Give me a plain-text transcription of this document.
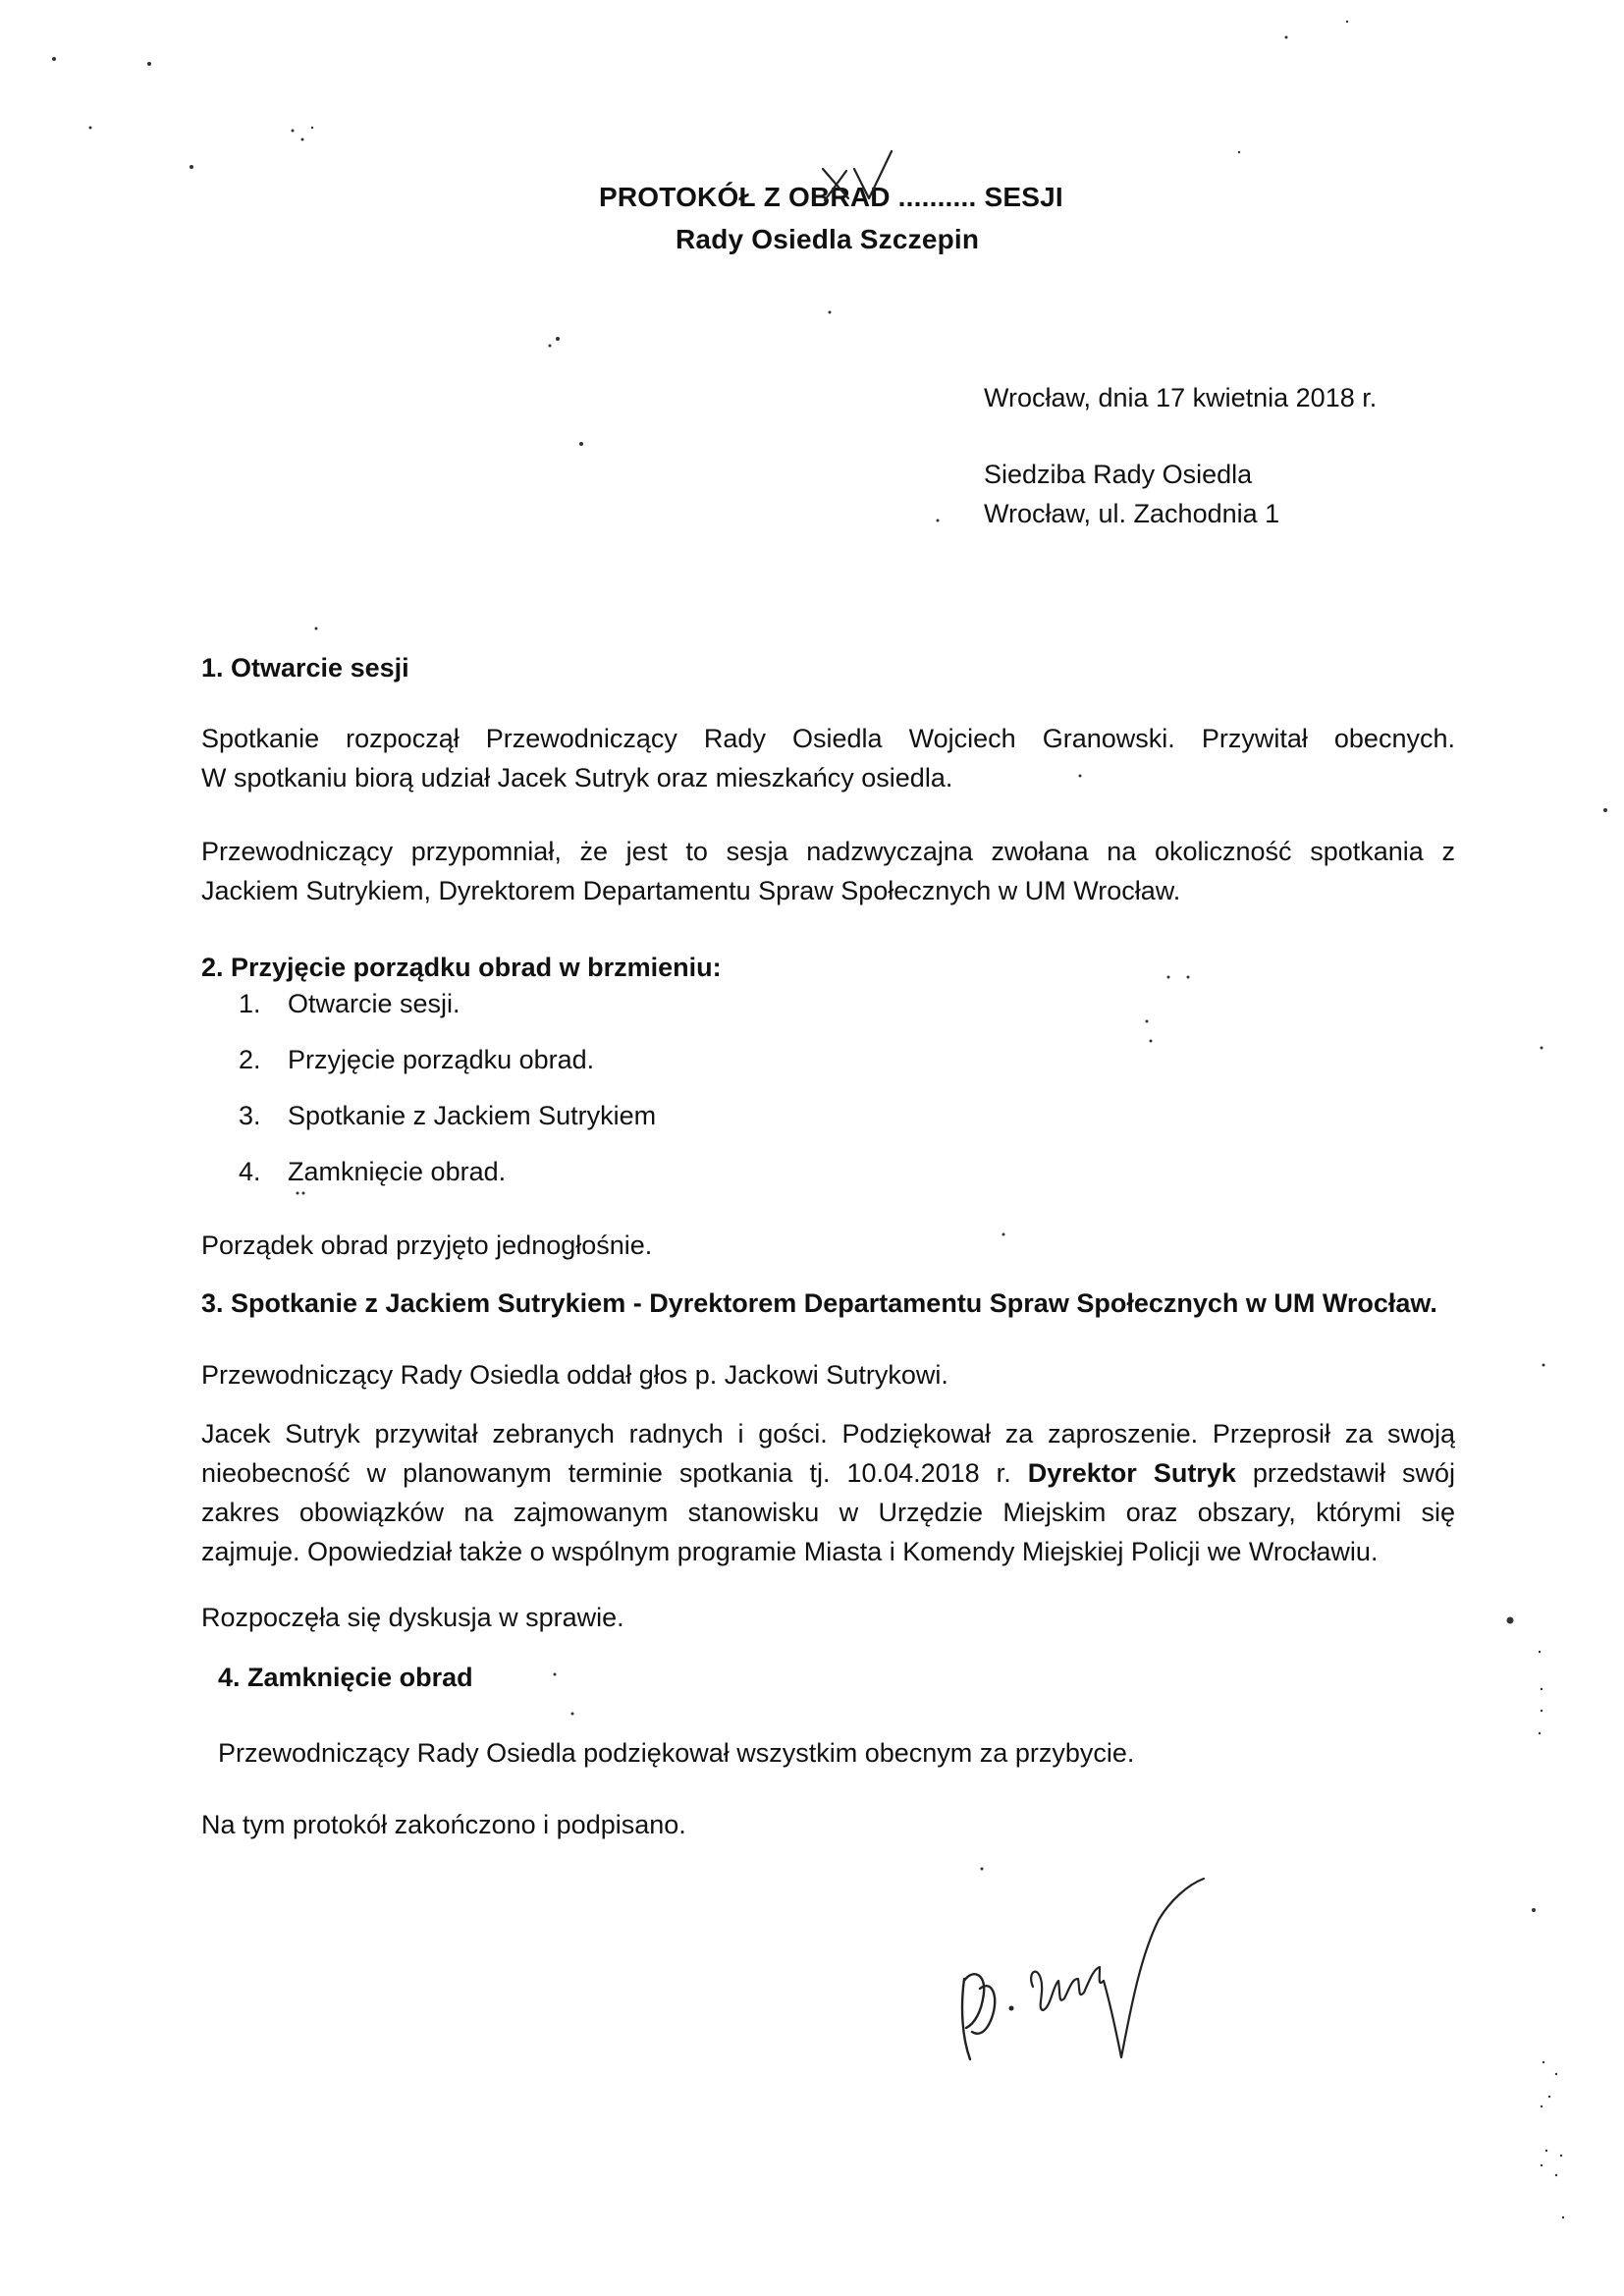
PROTOKÓŁ Z OBRAD .......... SESJI
Rady Osiedla Szczepin
Wrocław, dnia 17 kwietnia 2018 r.
Siedziba Rady Osiedla
Wrocław, ul. Zachodnia 1
1. Otwarcie sesji
Spotkanie rozpoczął Przewodniczący Rady Osiedla Wojciech Granowski. Przywitał obecnych.
W spotkaniu biorą udział Jacek Sutryk oraz mieszkańcy osiedla.
Przewodniczący przypomniał, że jest to sesja nadzwyczajna zwołana na okoliczność spotkania z
Jackiem Sutrykiem, Dyrektorem Departamentu Spraw Społecznych w UM Wrocław.
2. Przyjęcie porządku obrad w brzmieniu:
1. Otwarcie sesji.
2. Przyjęcie porządku obrad.
3. Spotkanie z Jackiem Sutrykiem
4. Zamknięcie obrad.
Porządek obrad przyjęto jednogłośnie.
3. Spotkanie z Jackiem Sutrykiem - Dyrektorem Departamentu Spraw Społecznych w UM Wrocław.
Przewodniczący Rady Osiedla oddał głos p. Jackowi Sutrykowi.
Jacek Sutryk przywitał zebranych radnych i gości. Podziękował za zaproszenie. Przeprosił za swoją
nieobecność w planowanym terminie spotkania tj. 10.04.2018 r. Dyrektor Sutryk przedstawił swój
zakres obowiązków na zajmowanym stanowisku w Urzędzie Miejskim oraz obszary, którymi się
zajmuje. Opowiedział także o wspólnym programie Miasta i Komendy Miejskiej Policji we Wrocławiu.
Rozpoczęła się dyskusja w sprawie.
4. Zamknięcie obrad
Przewodniczący Rady Osiedla podziękował wszystkim obecnym za przybycie.
Na tym protokół zakończono i podpisano.
